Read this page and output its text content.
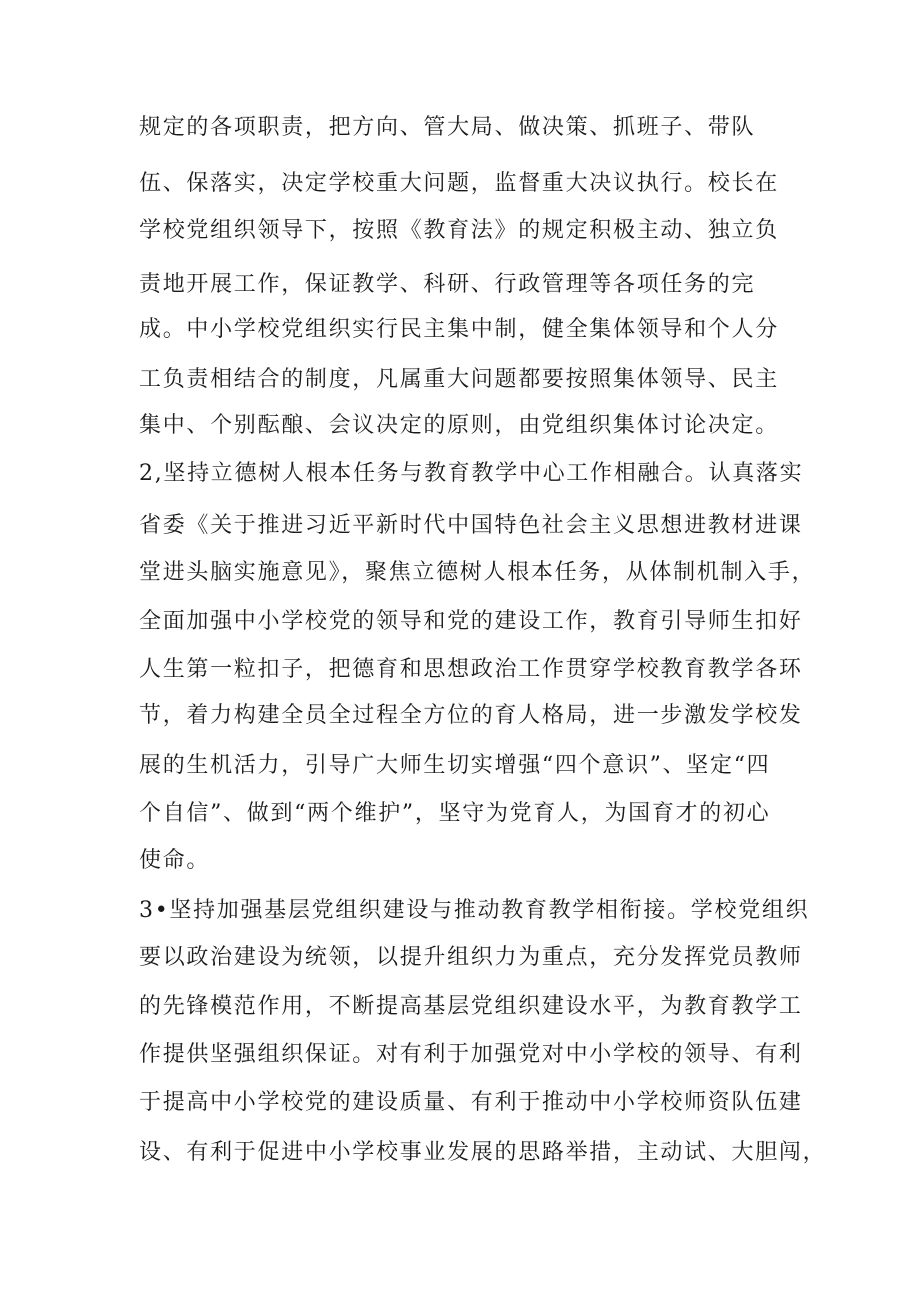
规定的各项职责，把方向、管大局、做决策、抓班子、带队
伍、保落实，决定学校重大问题，监督重大决议执行。校长在
学校党组织领导下，按照《教育法》的规定积极主动、独立负
责地开展工作，保证教学、科研、行政管理等各项任务的完
成。中小学校党组织实行民主集中制，健全集体领导和个人分
工负责相结合的制度，凡属重大问题都要按照集体领导、民主
集中、个别酝酿、会议决定的原则，由党组织集体讨论决定。
2,坚持立德树人根本任务与教育教学中心工作相融合。认真落实
省委《关于推进习近平新时代中国特色社会主义思想进教材进课
堂进头脑实施意见》，聚焦立德树人根本任务，从体制机制入手，
全面加强中小学校党的领导和党的建设工作，教育引导师生扣好
人生第一粒扣子，把德育和思想政治工作贯穿学校教育教学各环
节，着力构建全员全过程全方位的育人格局，进一步激发学校发
展的生机活力，引导广大师生切实增强“四个意识”、坚定“四
个自信”、做到“两个维护”，坚守为党育人，为国育才的初心
使命。
3•坚持加强基层党组织建设与推动教育教学相衔接。学校党组织
要以政治建设为统领，以提升组织力为重点，充分发挥党员教师
的先锋模范作用，不断提高基层党组织建设水平，为教育教学工
作提供坚强组织保证。对有利于加强党对中小学校的领导、有利
于提高中小学校党的建设质量、有利于推动中小学校师资队伍建
设、有利于促进中小学校事业发展的思路举措，主动试、大胆闯，
